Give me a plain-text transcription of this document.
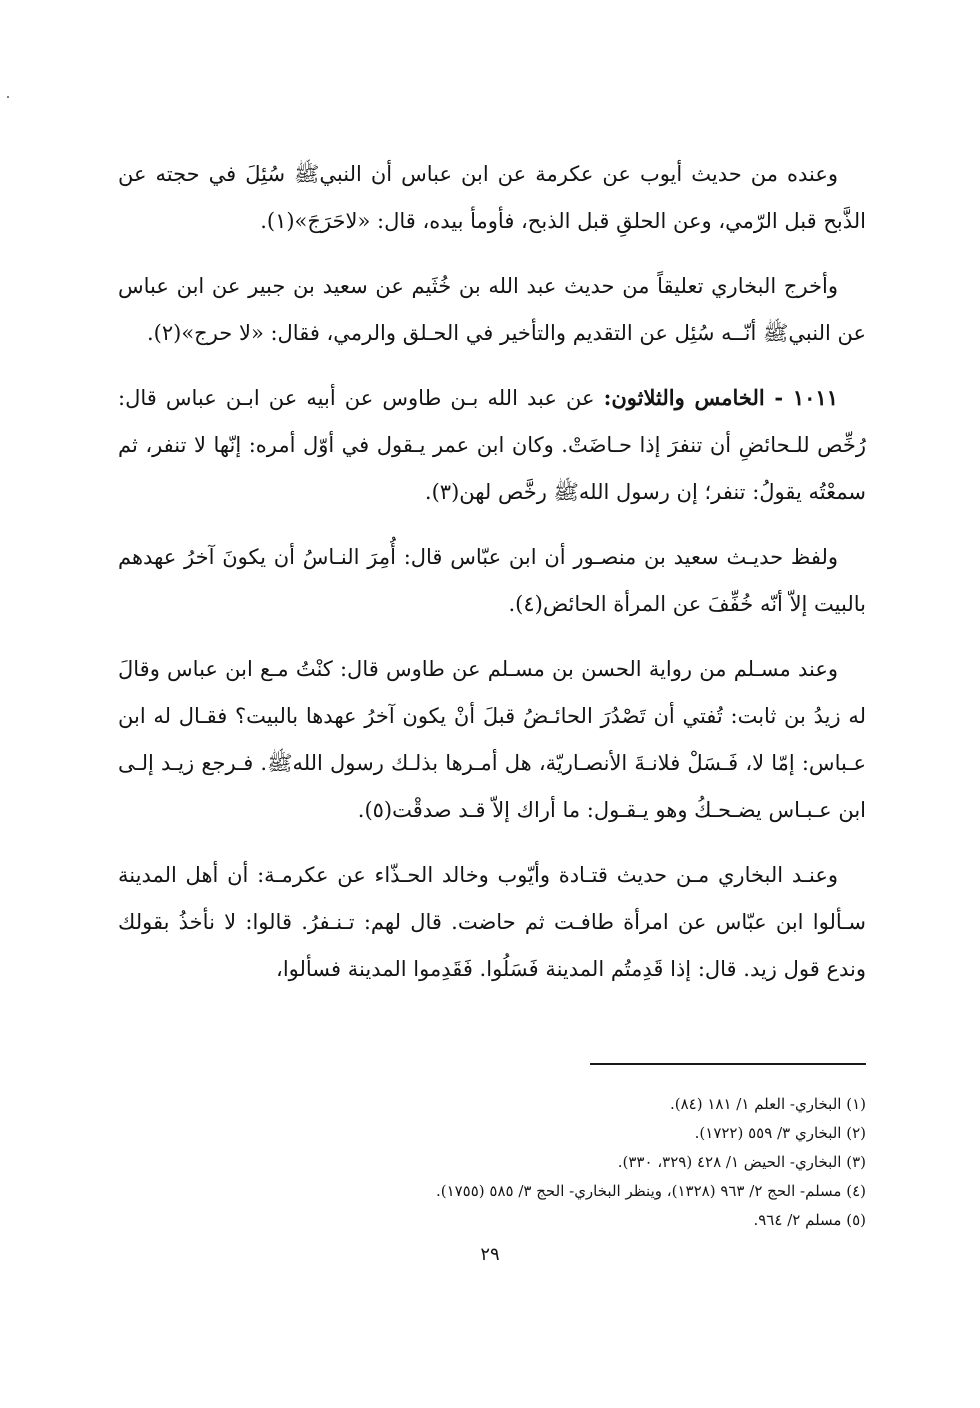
وعنده من حديث أيوب عن عكرمة عن ابن عباس أن النبيﷺ سُئِلَ في حجته عن الذَّبح قبل الرّمي، وعن الحلقِ قبل الذبح، فأومأ بيده، قال: «لاحَرَجَ»(١).

وأخرج البخاري تعليقاً من حديث عبد الله بن خُثَيم عن سعيد بن جبير عن ابن عباس عن النبيﷺ أنّــه سُئِل عن التقديم والتأخير في الحـلق والرمي، فقال: «لا حرج»(٢).

١٠١١ - الخامس والثلاثون: عن عبد الله بـن طاوس عن أبيه عن ابـن عباس قال: رُخِّص للـحائضِ أن تنفرَ إذا حـاضَتْ. وكان ابن عمر يـقول في أوّل أمره: إنّها لا تنفر، ثم سمعْتُه يقولُ: تنفر؛ إن رسول اللهﷺ رخَّص لهن(٣).

ولفظ حديـث سعيد بن منصـور أن ابن عبّاس قال: أُمِرَ النـاسُ أن يكونَ آخرُ عهدهم بالبيت إلاّ أنّه خُفِّفَ عن المرأة الحائض(٤).

وعند مسـلم من رواية الحسن بن مسـلم عن طاوس قال: كنْتُ مـع ابن عباس وقالَ له زيدُ بن ثابت: تُفتي أن تَصْدُرَ الحائـضُ قبلَ أنْ يكون آخرُ عهدها بالبيت؟ فقـال له ابن عـباس: إمّا لا، فَـسَلْ فلانـةَ الأنصـاريّة، هل أمـرها بذلـك رسول اللهﷺ. فـرجع زيـد إلـى ابن عـبـاس يضـحـكُ وهو يـقـول: ما أراك إلاّ قـد صدقْت(٥).

وعنـد البخاري مـن حديث قتـادة وأيّوب وخالد الحـذّاء عن عكرمـة: أن أهل المدينة سـألوا ابن عبّاس عن امرأة طافـت ثم حاضت. قال لهم: تـنـفرُ. قالوا: لا نأخذُ بقولك وندع قول زيد. قال: إذا قَدِمتُم المدينة فَسَلُوا. فَقَدِموا المدينة فسألوا،

(١) البخاري- العلم ١/ ١٨١ (٨٤).

(٢) البخاري ٣/ ٥٥٩ (١٧٢٢).

(٣) البخاري- الحيض ١/ ٤٢٨ (٣٢٩، ٣٣٠).

(٤) مسلم- الحج ٢/ ٩٦٣ (١٣٢٨)، وينظر البخاري- الحج ٣/ ٥٨٥ (١٧٥٥).

(٥) مسلم ٢/ ٩٦٤.

٢٩
